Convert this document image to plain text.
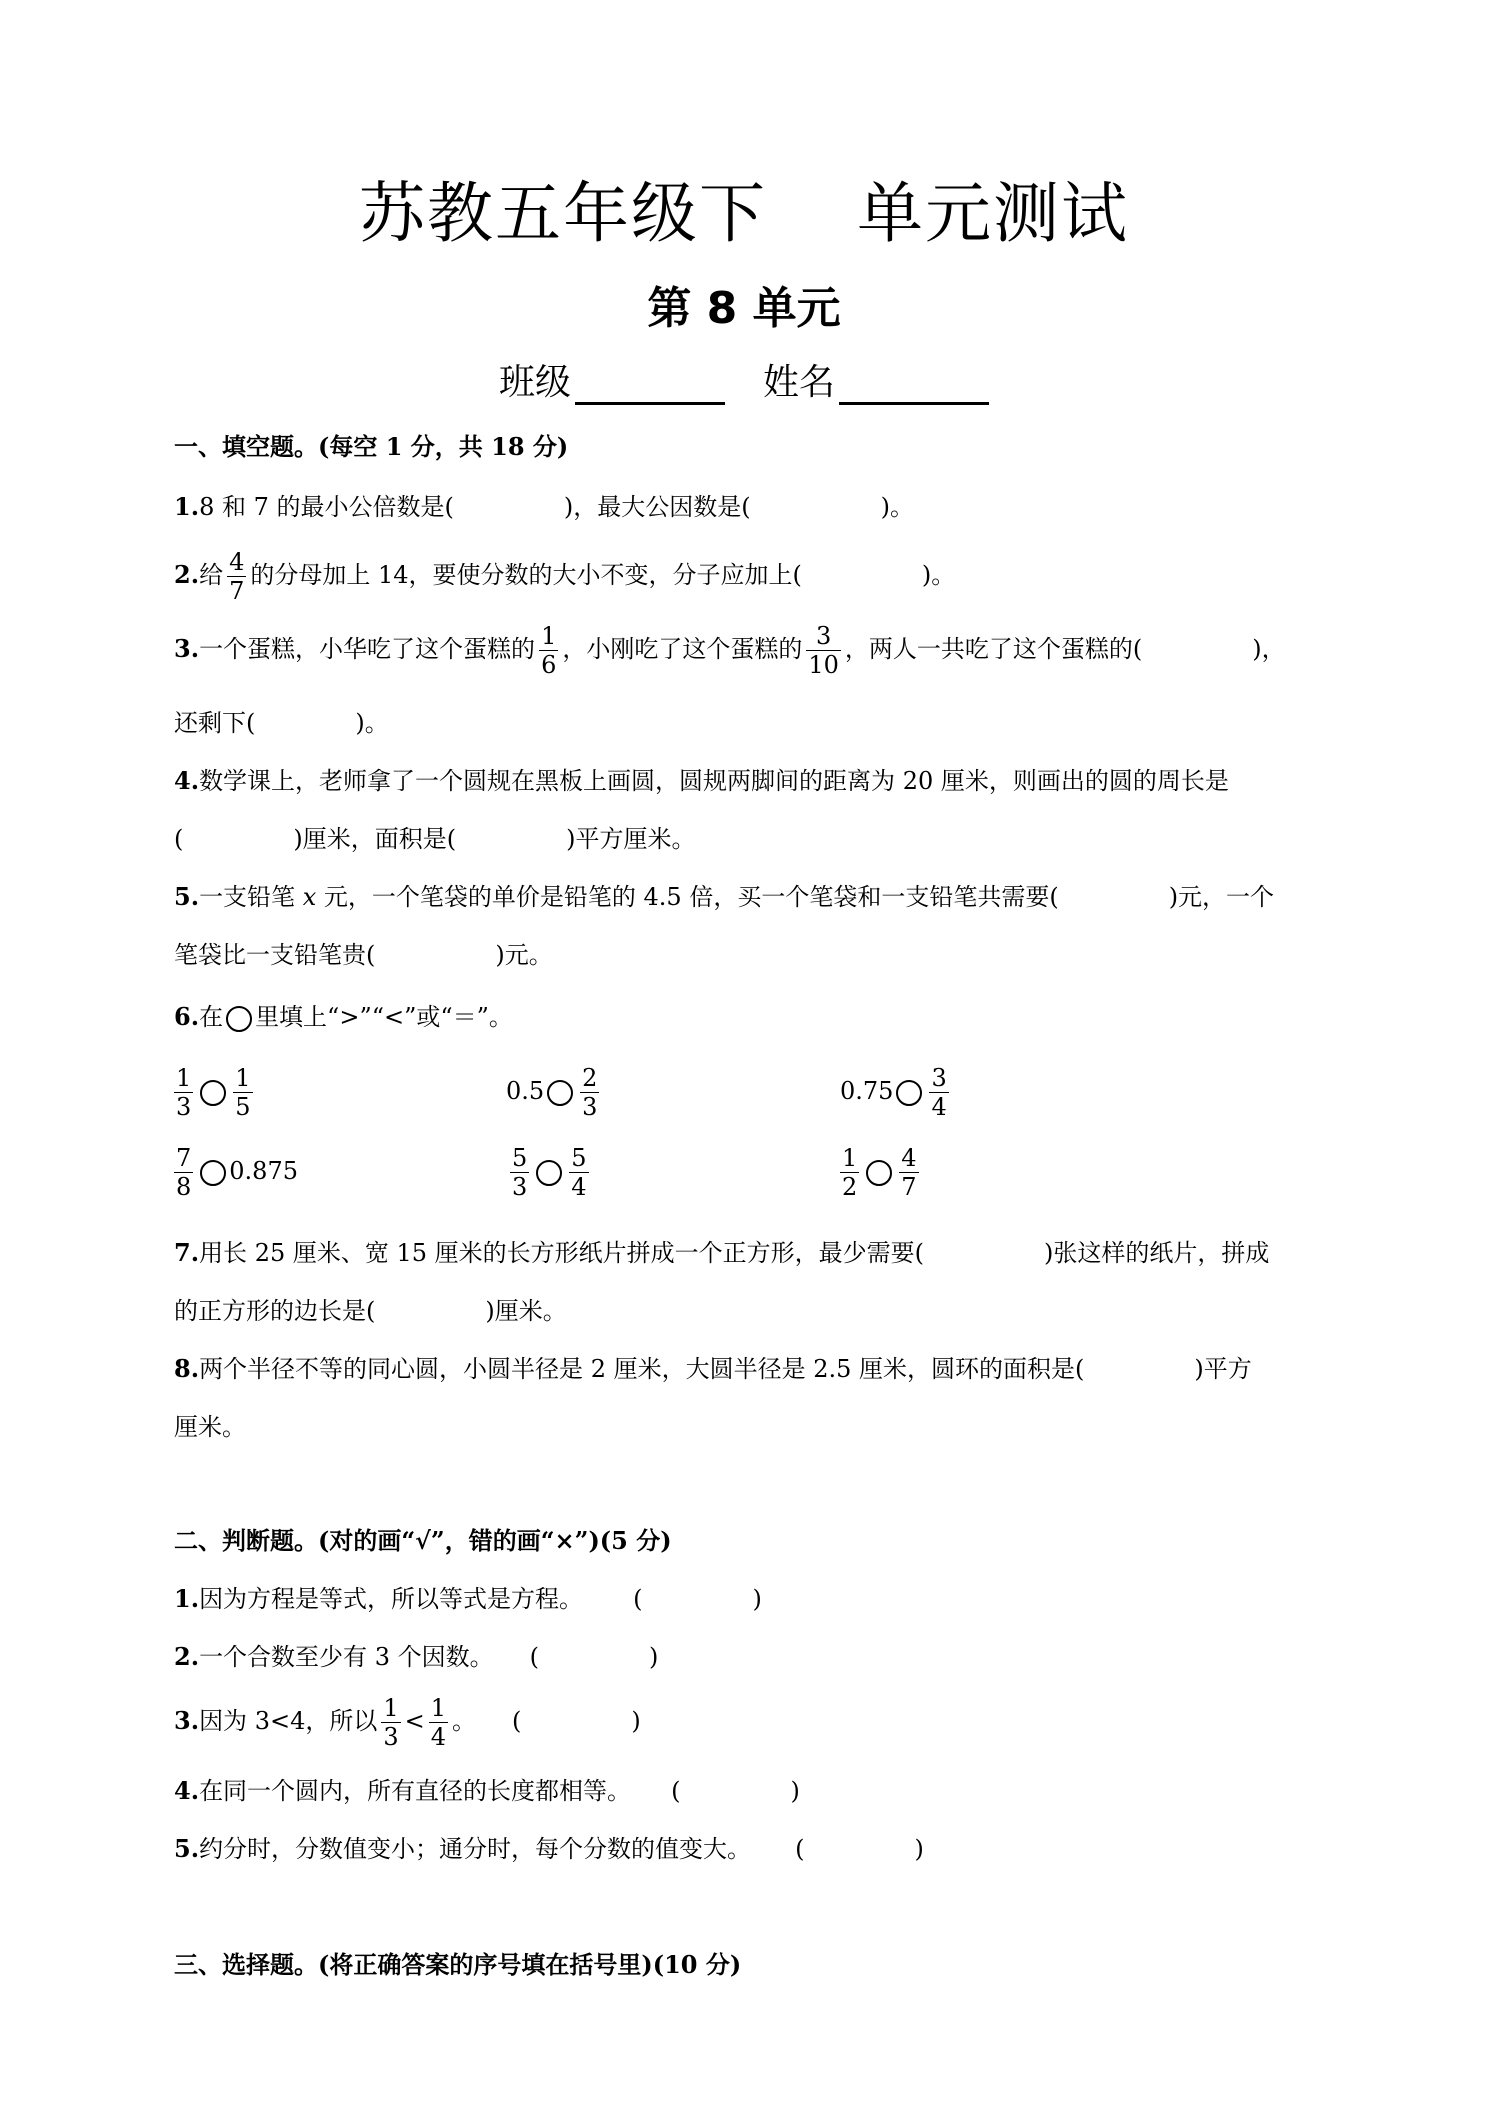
苏教五年级下 单元测试
第 8 单元
班级	姓名
一、填空题。(每空 1 分，共 18 分)
1.8 和 7 的最小公倍数是(	)，最大公因数是(	)。
2.给 $\frac{4}{7}$ 的分母加上 14，要使分数的大小不变，分子应加上(	)。
3.一个蛋糕，小华吃了这个蛋糕的 $\frac{1}{6}$ ，小刚吃了这个蛋糕的 $\frac{3}{10}$ ，两人一共吃了这个蛋糕的(	)，
还剩下(	)。
4.数学课上，老师拿了一个圆规在黑板上画圆，圆规两脚间的距离为 20 厘米，则画出的圆的周长是
(	)厘米，面积是(	)平方厘米。
5.一支铅笔 x 元，一个笔袋的单价是铅笔的 4.5 倍，买一个笔袋和一支铅笔共需要(	)元，一个
笔袋比一支铅笔贵(	)元。
6.在 里填上“>”“<”或“＝”。
$\frac{1}{3} \frac{1}{5}$	$0.5 \frac{2}{3}$	$0.75 \frac{3}{4}$
$\frac{7}{8} 0.875$	$\frac{5}{3} \frac{5}{4}$	$\frac{1}{2} \frac{4}{7}$
7.用长 25 厘米、宽 15 厘米的长方形纸片拼成一个正方形，最少需要(	)张这样的纸片，拼成
的正方形的边长是(	)厘米。
8.两个半径不等的同心圆，小圆半径是 2 厘米，大圆半径是 2.5 厘米，圆环的面积是(	)平方
厘米。
二、判断题。(对的画“√”，错的画“×”)(5 分)
1.因为方程是等式，所以等式是方程。 (	)
2.一个合数至少有 3 个因数。 (	)
3.因为 3<4，所以 $\frac{1}{3} < \frac{1}{4}$ 。 (	)
4.在同一个圆内，所有直径的长度都相等。 (	)
5.约分时，分数值变小；通分时，每个分数的值变大。 (	)
三、选择题。(将正确答案的序号填在括号里)(10 分)
